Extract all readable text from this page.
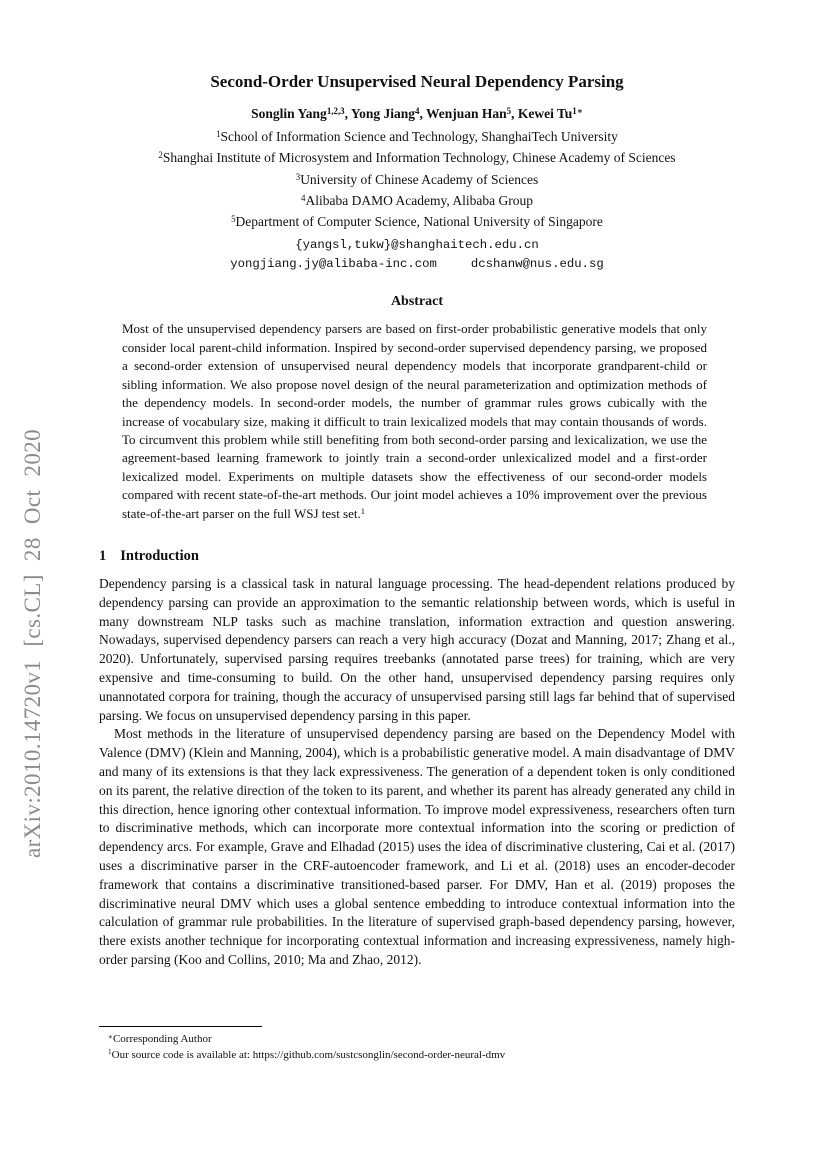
arXiv:2010.14720v1 [cs.CL] 28 Oct 2020
Second-Order Unsupervised Neural Dependency Parsing
Songlin Yang$^{1,2,3}$, Yong Jiang$^4$, Wenjuan Han$^5$, Kewei $Tu^{1∗}$
$^1$School of Information Science and Technology, ShanghaiTech University
$^2$Shanghai Institute of Microsystem and Information Technology, Chinese Academy of Sciences
$^3$University of Chinese Academy of Sciences
$^4$Alibaba DAMO Academy, Alibaba Group
$^5$Department of Computer Science, National University of Singapore
{yangsl,tukw}@shanghaitech.edu.cn
yongjiang.jy@alibaba-inc.com	dcshanw@nus.edu.sg
Abstract

Most of the unsupervised dependency parsers are based on first-order probabilistic generative models that only consider local parent-child information. Inspired by second-order supervised dependency parsing, we proposed a second-order extension of unsupervised neural dependency models that incorporate grandparent-child or sibling information. We also propose novel design of the neural parameterization and optimization methods of the dependency models. In second-order models, the number of grammar rules grows cubically with the increase of vocabulary size, making it difficult to train lexicalized models that may contain thousands of words. To circumvent this problem while still benefiting from both second-order parsing and lexicalization, we use the agreement-based learning framework to jointly train a second-order unlexicalized model and a first-order lexicalized model. Experiments on multiple datasets show the effectiveness of our second-order models compared with recent state-of-the-art methods. Our joint model achieves a 10% improvement over the previous state-of-the-art parser on the full WSJ test set.$^1$

1 Introduction

Dependency parsing is a classical task in natural language processing. The head-dependent relations produced by dependency parsing can provide an approximation to the semantic relationship between words, which is useful in many downstream NLP tasks such as machine translation, information extraction and question answering. Nowadays, supervised dependency parsers can reach a very high accuracy (Dozat and Manning, 2017; Zhang et al., 2020). Unfortunately, supervised parsing requires treebanks (annotated parse trees) for training, which are very expensive and time-consuming to build. On the other hand, unsupervised dependency parsing requires only unannotated corpora for training, though the accuracy of unsupervised parsing still lags far behind that of supervised parsing. We focus on unsupervised dependency parsing in this paper.

Most methods in the literature of unsupervised dependency parsing are based on the Dependency Model with Valence (DMV) (Klein and Manning, 2004), which is a probabilistic generative model. A main disadvantage of DMV and many of its extensions is that they lack expressiveness. The generation of a dependent token is only conditioned on its parent, the relative direction of the token to its parent, and whether its parent has already generated any child in this direction, hence ignoring other contextual information. To improve model expressiveness, researchers often turn to discriminative methods, which can incorporate more contextual information into the scoring or prediction of dependency arcs. For example, Grave and Elhadad (2015) uses the idea of discriminative clustering, Cai et al. (2017) uses a discriminative parser in the CRF-autoencoder framework, and Li et al. (2018) uses an encoder-decoder framework that contains a discriminative transitioned-based parser. For DMV, Han et al. (2019) proposes the discriminative neural DMV which uses a global sentence embedding to introduce contextual information into the calculation of grammar rule probabilities. In the literature of supervised graph-based dependency parsing, however, there exists another technique for incorporating contextual information and increasing expressiveness, namely high-order parsing (Koo and Collins, 2010; Ma and Zhao, 2012).

∗Corresponding Author
$^1$Our source code is available at: https://github.com/sustcsonglin/second-order-neural-dmv
